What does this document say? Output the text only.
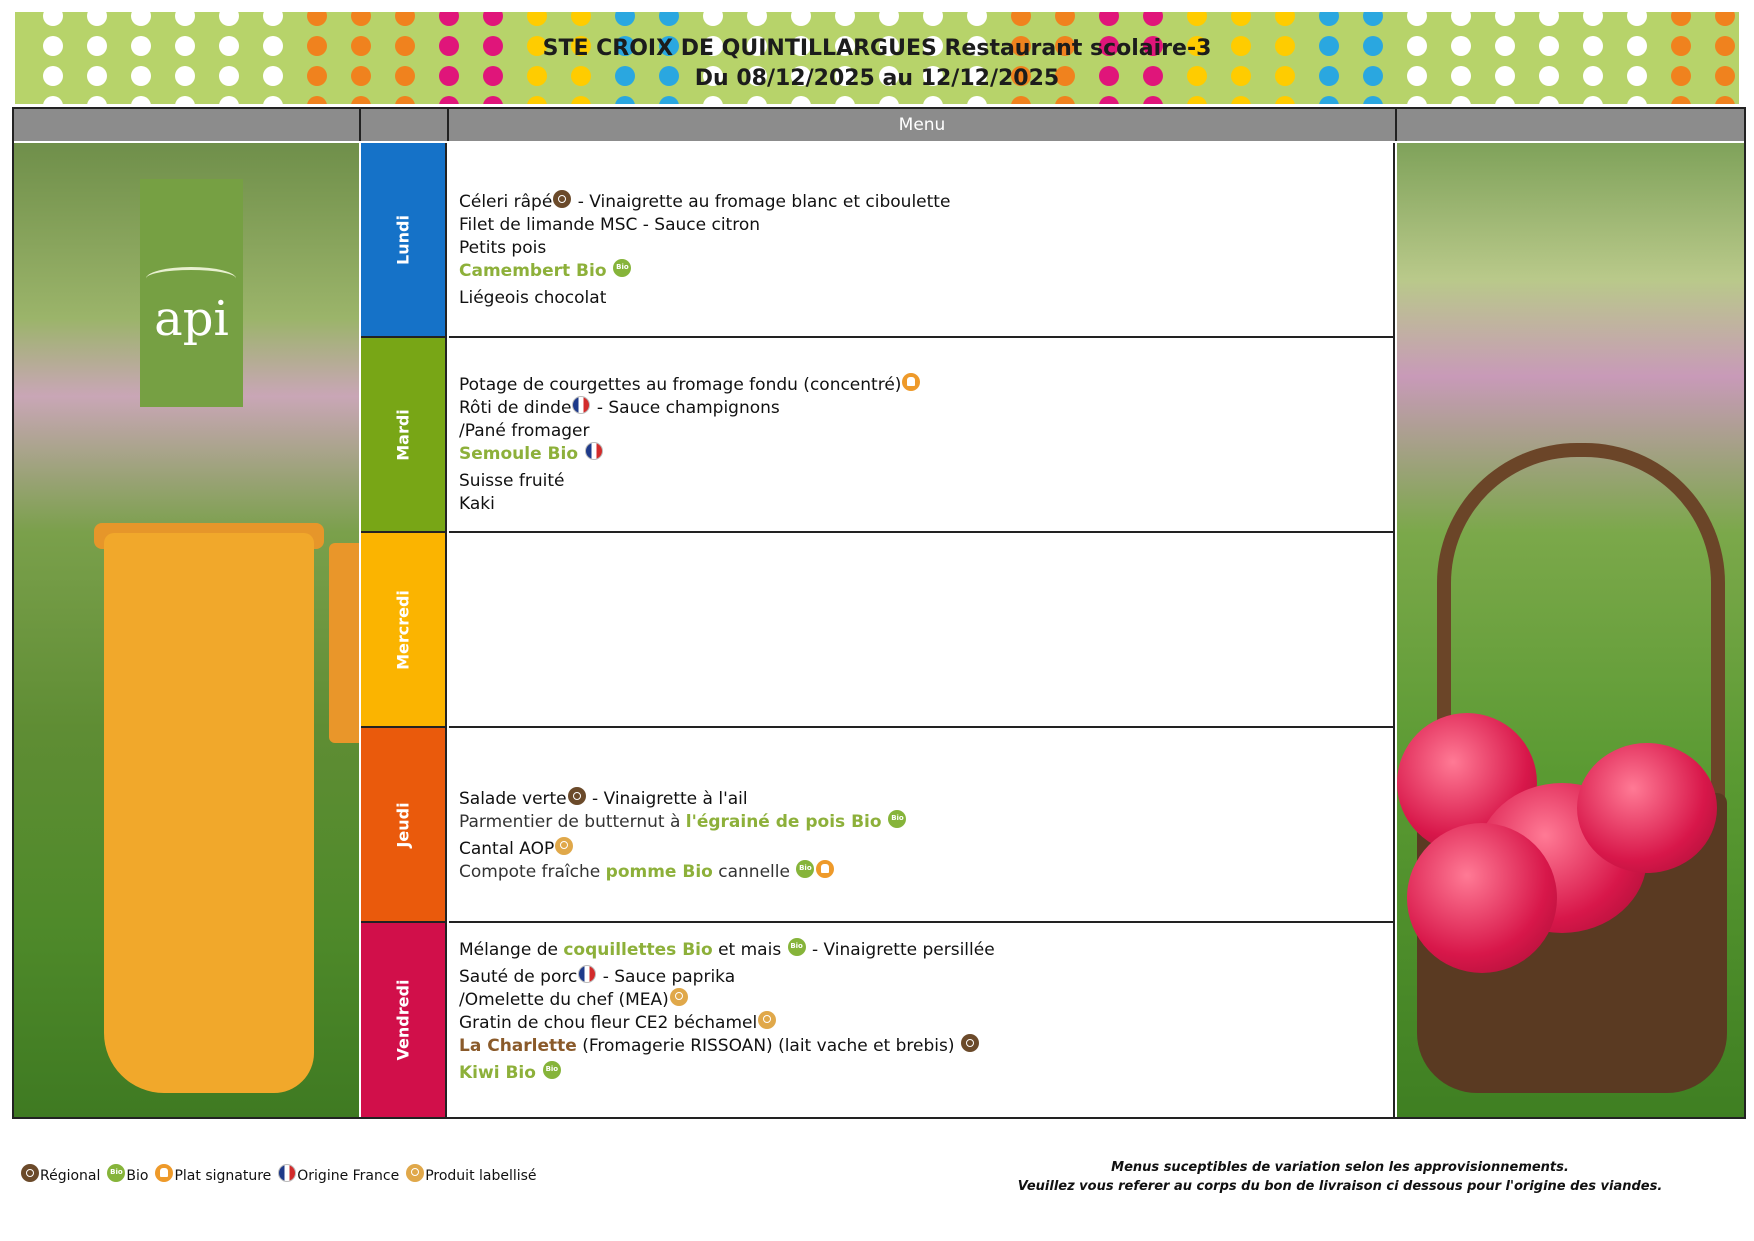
STE CROIX DE QUINTILLARGUES Restaurant scolaire-3
Du 08/12/2025 au 12/12/2025
Menu
api
Lundi
Céleri râpé - Vinaigrette au fromage blanc et ciboulette
Filet de limande MSC - Sauce citron
Petits pois
Camembert Bio Bio
Liégeois chocolat
Mardi
Potage de courgettes au fromage fondu (concentré)
Rôti de dinde - Sauce champignons
/Pané fromager
Semoule Bio
Suisse fruité
Kaki
Mercredi
Jeudi
Salade verte - Vinaigrette à l'ail
Parmentier de butternut à l'égrainé de pois Bio Bio
Cantal AOP
Compote fraîche pomme Bio cannelle Bio
Vendredi
Mélange de coquillettes Bio et mais Bio - Vinaigrette persillée
Sauté de porc - Sauce paprika
/Omelette du chef (MEA)
Gratin de chou fleur CE2 béchamel
La Charlette (Fromagerie RISSOAN) (lait vache et brebis)
Kiwi Bio Bio
RégionalBio Bio Plat signature Origine France Produit labellisé
Menus suceptibles de variation selon les approvisionnements.
Veuillez vous referer au corps du bon de livraison ci dessous pour l'origine des viandes.
